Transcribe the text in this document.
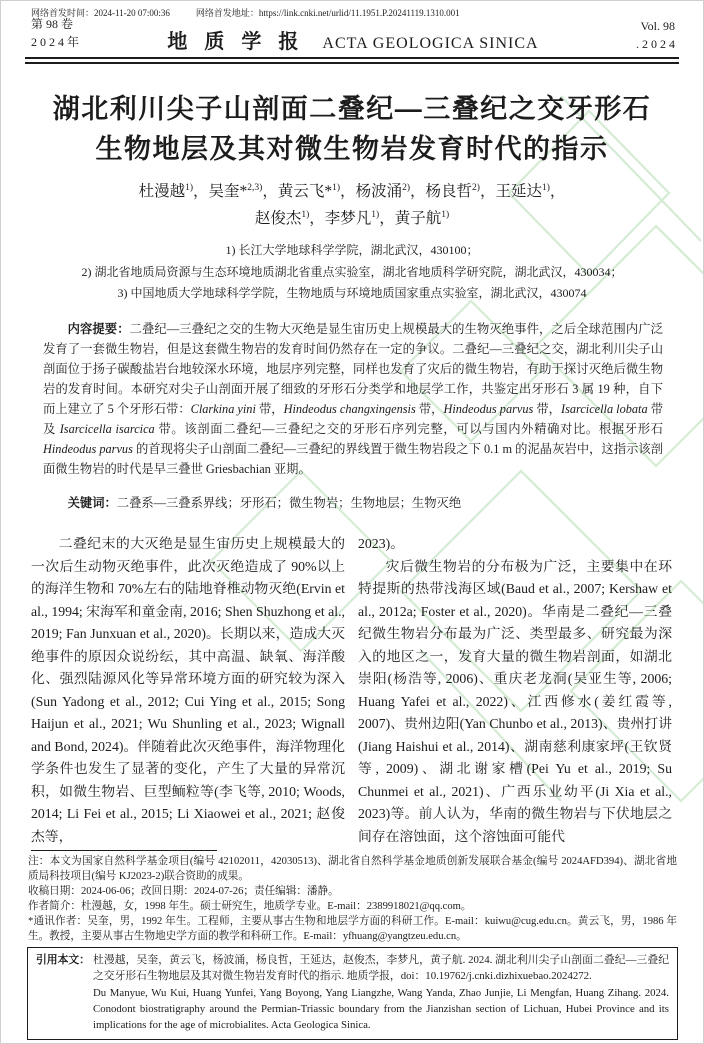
网络首发时间：2024-11-20 07:00:36	网络首发地址：https://link.cnki.net/urlid/11.1951.P.20241119.1310.001
第 98 卷
2 0 2 4 年	地 质 学 报 ACTA GEOLOGICA SINICA
Vol. 98
. 2 0 2 4
湖北利川尖子山剖面二叠纪—三叠纪之交牙形石
生物地层及其对微生物岩发育时代的指示
杜漫越$^{1)}$，吴奎*$^{2,3)}$，黄云飞*$^{1)}$，杨波涌$^{2)}$，杨良哲$^{2)}$，王延达$^{1)}$，
赵俊杰$^{1)}$，李梦凡$^{1)}$，黄子航$^{1)}$
1) 长江大学地球科学学院，湖北武汉，430100；
2) 湖北省地质局资源与生态环境地质湖北省重点实验室，湖北省地质科学研究院，湖北武汉，430034；
3) 中国地质大学地球科学学院，生物地质与环境地质国家重点实验室，湖北武汉，430074

内容提要：二叠纪—三叠纪之交的生物大灭绝是显生宙历史上规模最大的生物灭绝事件，之后全球范围内广泛发育了一套微生物岩，但是这套微生物岩的发育时间仍然存在一定的争议。二叠纪—三叠纪之交，湖北利川尖子山剖面位于扬子碳酸盐岩台地较深水环境，地层序列完整，同样也发育了灾后的微生物岩，有助于探讨灭绝后微生物岩的发育时间。本研究对尖子山剖面开展了细致的牙形石分类学和地层学工作，共鉴定出牙形石 3 属 19 种，自下而上建立了 5 个牙形石带：Clarkina yini 带，Hindeodus changxingensis 带，Hindeodus parvus 带，Isarcicella lobata 带及 Isarcicella isarcica 带。该剖面二叠纪—三叠纪之交的牙形石序列完整，可以与国内外精确对比。根据牙形石 Hindeodus parvus 的首现将尖子山剖面二叠纪—三叠纪的界线置于微生物岩段之下 0.1 m 的泥晶灰岩中，这指示该剖面微生物岩的时代是早三叠世 Griesbachian 亚期。

关键词：二叠系—三叠系界线；牙形石；微生物岩；生物地层；生物灭绝

二叠纪末的大灭绝是显生宙历史上规模最大的一次后生动物灭绝事件，此次灭绝造成了 90%以上的海洋生物和 70%左右的陆地脊椎动物灭绝(Ervin et al., 1994; 宋海军和童金南, 2016; Shen Shuzhong et al., 2019; Fan Junxuan et al., 2020)。长期以来，造成大灭绝事件的原因众说纷纭，其中高温、缺氧、海洋酸化、强烈陆源风化等异常环境方面的研究较为深入(Sun Yadong et al., 2012; Cui Ying et al., 2015; Song Haijun et al., 2021; Wu Shunling et al., 2023; Wignall and Bond, 2024)。伴随着此次灭绝事件，海洋物理化学条件也发生了显著的变化，产生了大量的异常沉积，如微生物岩、巨型鲕粒等(李飞等, 2010; Woods, 2014; Li Fei et al., 2015; Li Xiaowei et al., 2021; 赵俊杰等，

2023)。

灾后微生物岩的分布极为广泛，主要集中在环特提斯的热带浅海区域(Baud et al., 2007; Kershaw et al., 2012a; Foster et al., 2020)。华南是二叠纪—三叠纪微生物岩分布最为广泛、类型最多、研究最为深入的地区之一，发育大量的微生物岩剖面，如湖北崇阳(杨浩等, 2006)、重庆老龙洞(吴亚生等, 2006; Huang Yafei et al., 2022)、江西修水(姜红霞等, 2007)、贵州边阳(Yan Chunbo et al., 2013)、贵州打讲(Jiang Haishui et al., 2014)、湖南慈利康家坪(王钦贤等, 2009)、湖北谢家槽(Pei Yu et al., 2019; Su Chunmei et al., 2021)、广西乐业幼平(Ji Xia et al., 2023)等。前人认为，华南的微生物岩与下伏地层之间存在溶蚀面，这个溶蚀面可能代

注：本文为国家自然科学基金项目(编号 42102011，42030513)、湖北省自然科学基金地质创新发展联合基金(编号 2024AFD394)、湖北省地质局科技项目(编号 KJ2023-2)联合资助的成果。

收稿日期：2024-06-06；改回日期：2024-07-26；责任编辑：潘静。

作者简介：杜漫越，女，1998 年生。硕士研究生，地质学专业。E-mail：2389918021@qq.com。

*通讯作者：吴奎，男，1992 年生。工程师，主要从事古生物和地层学方面的科研工作。E-mail：kuiwu@cug.edu.cn。黄云飞，男，1986 年生。教授，主要从事古生物地史学方面的教学和科研工作。E-mail：yfhuang@yangtzeu.edu.cn。

引用本文： 杜漫越，吴奎，黄云飞，杨波涌，杨良哲，王延达，赵俊杰，李梦凡，黄子航. 2024. 湖北利川尖子山剖面二叠纪—三叠纪之交牙形石生物地层及其对微生物岩发育时代的指示. 地质学报，doi：10.19762/j.cnki.dizhixuebao.2024272.

Du Manyue, Wu Kui, Huang Yunfei, Yang Boyong, Yang Liangzhe, Wang Yanda, Zhao Junjie, Li Mengfan, Huang Zihang. 2024. Conodont biostratigraphy around the Permian-Triassic boundary from the Jianzishan section of Lichuan, Hubei Province and its implications for the age of microbialites. Acta Geologica Sinica.
